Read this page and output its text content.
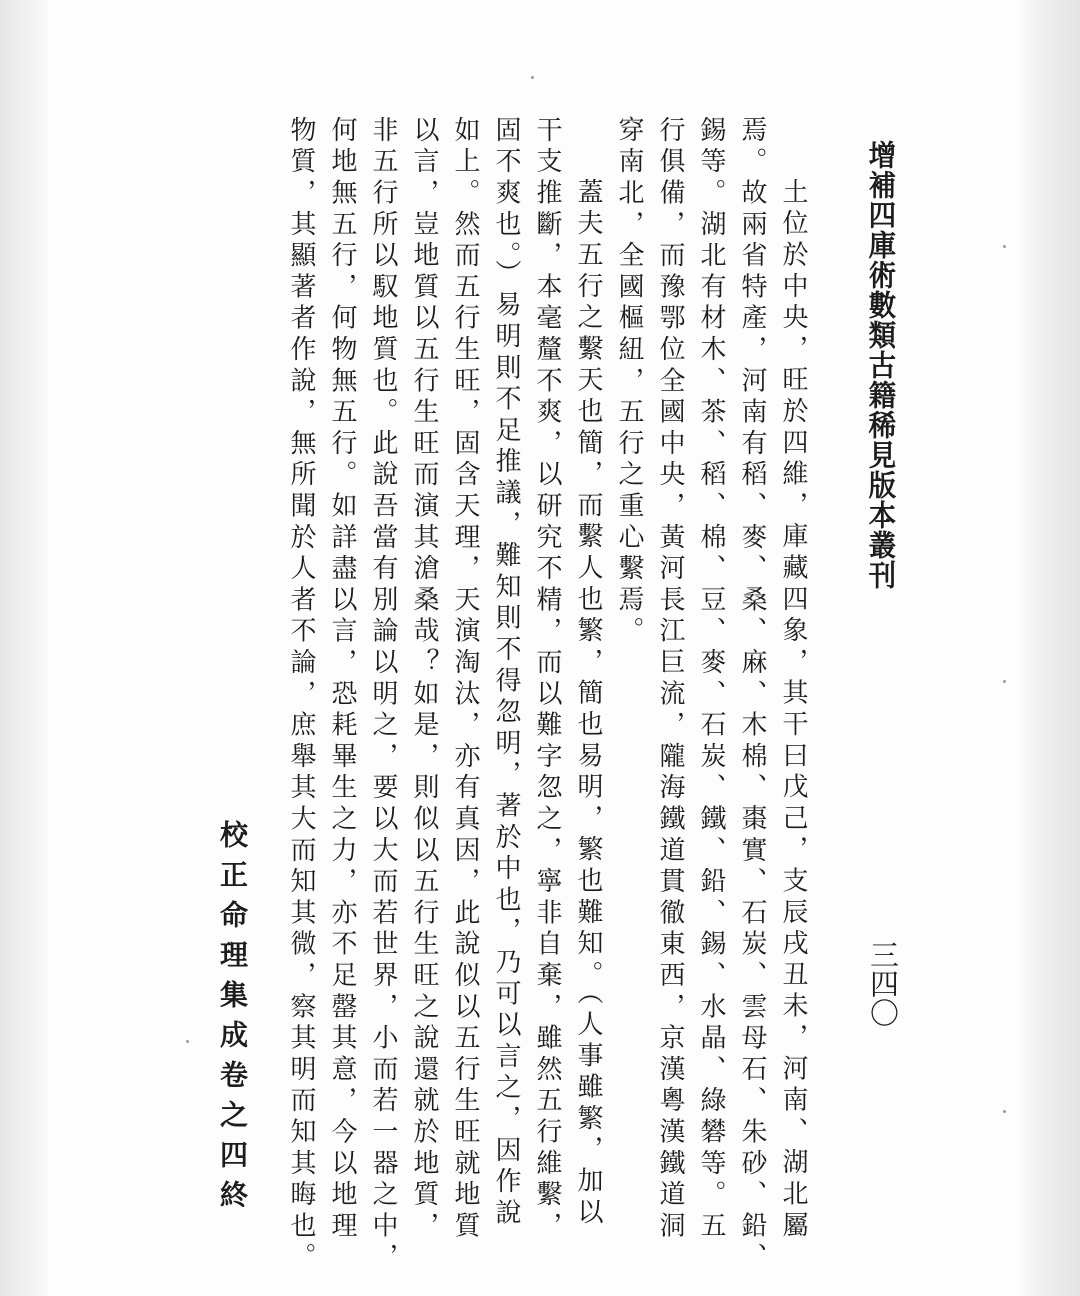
增補四庫術數類古籍稀見版本叢刊
三四〇
土位於中央，旺於四維，庫藏四象，其干曰戊己，支辰戌丑未，河南、湖北屬
焉。故兩省特產，河南有稻、麥、桑、麻、木棉、棗實、石炭、雲母石、朱砂、鉛、
錫等。湖北有材木、茶、稻、棉、豆、麥、石炭、鐵、鉛、錫、水晶、綠礬等。五
行俱備，而豫鄂位全國中央，黃河長江巨流，隴海鐵道貫徹東西，京漢粵漢鐵道洞
穿南北，全國樞紐，五行之重心繫焉。
蓋夫五行之繫天也簡，而繫人也繁，簡也易明，繁也難知。（人事雖繁，加以
干支推斷，本毫釐不爽，以研究不精，而以難字忽之，寧非自棄，雖然五行維繫，
固不爽也。）易明則不足推議，難知則不得忽明，著於中也，乃可以言之，因作說
如上。然而五行生旺，固含天理，天演淘汰，亦有真因，此說似以五行生旺就地質
以言，豈地質以五行生旺而演其滄桑哉？如是，則似以五行生旺之說還就於地質，
非五行所以馭地質也。此說吾當有別論以明之，要以大而若世界，小而若一器之中，
何地無五行，何物無五行。如詳盡以言，恐耗畢生之力，亦不足罄其意，今以地理
物質，其顯著者作說，無所聞於人者不論，庶舉其大而知其微，察其明而知其晦也。
校正命理集成卷之四終
